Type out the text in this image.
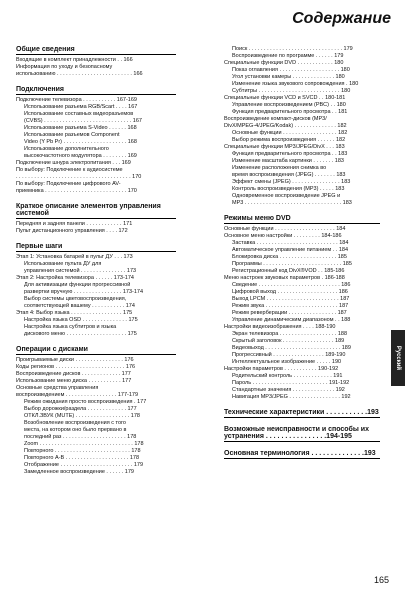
Содержание
Общие сведения
Входящие в комплект принадлежности . . 166
Информация по уходу и безопасному
использованию . . . . . . . . . . . . . . . . . . . . . . . . . 166
Подключения
Подключение телевизора . . . . . . . . . . . 167-169
Использование разъема RGB/Scart . . . . 167
Использование составных видеоразъемов
(CVBS) . . . . . . . . . . . . . . . . . . . . . . . . . . . . . 167
Использование разъема S-Video . . . . . . 168
Использование разъемов Component
Video (Y Pb Pr) . . . . . . . . . . . . . . . . . . . . . 168
Использование дополнительного
высокочастотного модулятора . . . . . . . . 169
Подключение шнура электропитания . . . 169
По выбору: Подключение к аудиосистеме
. . . . . . . . . . . . . . . . . . . . . . . . . . . . . . . . . . . . . . 170
По выбору: Подключение цифрового AV-
приемника . . . . . . . . . . . . . . . . . . . . . . . . . . . 170
Краткое описание элементов управления системой
Передняя и задняя панели . . . . . . . . . . . . 171
Пульт дистанционного управления . . . . 172
Первые шаги
Этап 1: Установка батарей в пульт ДУ . . . 173
Использование пульта ДУ для
управления системой . . . . . . . . . . . . . . . 173
Этап 2: Настройка телевизора . . . . . . 173-174
Для активизации функции прогрессивной
развертки вручную . . . . . . . . . . . . . . . . 173-174
Выбор системы цветовоспроизведения,
соответствующей вашему . . . . . . . . . . . 174
Этап 4: Выбор языка . . . . . . . . . . . . . . . . . 175
Настройка языка OSD . . . . . . . . . . . . . . . 175
Настройка языка субтитров и языка
дискового меню . . . . . . . . . . . . . . . . . . . . 175
Операции с дисками
Проигрываемые диски . . . . . . . . . . . . . . . . 176
Коды регионов . . . . . . . . . . . . . . . . . . . . . . . 176
Воспроизведение дисков . . . . . . . . . . . . . 177
Использование меню диска . . . . . . . . . . . 177
Основные средства управления
воспроизведением . . . . . . . . . . . . . . . . . 177-179
Режим ожидания просто воспроизведения . 177
Выбор дорожки/раздела . . . . . . . . . . . . . 177
ОТКЛ.ЗВУК (MUTE) . . . . . . . . . . . . . . . . . . 178
Возобновление воспроизведения с того
места, на котором оно было прервано в
последний раз . . . . . . . . . . . . . . . . . . . . . 178
Zoom . . . . . . . . . . . . . . . . . . . . . . . . . . . . . . . 178
Повторного . . . . . . . . . . . . . . . . . . . . . . . . . 178
Повторного A-B . . . . . . . . . . . . . . . . . . . . . 178
Отображение . . . . . . . . . . . . . . . . . . . . . . . . 179
Замедленное воспроизведение . . . . . . 179
Поиск . . . . . . . . . . . . . . . . . . . . . . . . . . . . . . . 179
Воспроизведение по программе . . . . . . 179
Специальные функции DVD . . . . . . . . . . . . 180
Показ оглавления . . . . . . . . . . . . . . . . . . . . 180
Угол установки камеры . . . . . . . . . . . . . . 180
Изменение языка звукового сопровождения . 180
Субтитры . . . . . . . . . . . . . . . . . . . . . . . . . . . 180
Специальные функции VCD и SVCD . . 180-181
Управление воспроизведением (PBC) . . 180
Функция предварительного просмотра . . 181
Воспроизведение компакт-дисков (MP3/
DivX/MPEG-4/JPEG/Kodak) . . . . . . . . . . . . . . 182
Основные функции . . . . . . . . . . . . . . . . . . 182
Выбор режима воспроизведения . . . . . . 182
Специальные функции MP3/JPEG/DivX . . . 183
Функция предварительного просмотра . . 183
Изменение масштаба картинки . . . . . . . 183
Изменение расположения снимка во
время воспроизведения (JPEG) . . . . . . . 183
Эффект смены (JPEG) . . . . . . . . . . . . . . . . 183
Контроль воспроизведения (MP3) . . . . . 183
Одновременное воспроизведение JPEG и
MP3 . . . . . . . . . . . . . . . . . . . . . . . . . . . . . . . . 183
Режимы меню DVD
Основные функции . . . . . . . . . . . . . . . . . . . . 184
Основное меню настройки . . . . . . . . . 184-186
Заставка . . . . . . . . . . . . . . . . . . . . . . . . . . . 184
Автоматическое управление питанием . . 184
Блокировка диска . . . . . . . . . . . . . . . . . . . 185
Программы . . . . . . . . . . . . . . . . . . . . . . . . . . 185
Регистрационный код DivX®VOD . . 185-186
Меню настроек звуковых параметров . 186-188
Сведение . . . . . . . . . . . . . . . . . . . . . . . . . . . 186
Цифровой выход . . . . . . . . . . . . . . . . . . . . 186
Выход LPCM . . . . . . . . . . . . . . . . . . . . . . . . 187
Режим звука . . . . . . . . . . . . . . . . . . . . . . . . 187
Режим реверберации . . . . . . . . . . . . . . . . 187
Управление динамическим диапазоном . . 188
Настройки видеоизображения . . . . 188-190
Экран телевизора . . . . . . . . . . . . . . . . . . . 188
Скрытый заголовок . . . . . . . . . . . . . . . . . 189
Видеовыход . . . . . . . . . . . . . . . . . . . . . . . . . 189
Прогрессивный . . . . . . . . . . . . . . . . . 189-190
Интеллектуальное изображение . . . . . 190
Настройки параметров . . . . . . . . . . . 190-192
Родительский контроль . . . . . . . . . . . . . 191
Пароль . . . . . . . . . . . . . . . . . . . . . . . . . 191-192
Стандартные значения . . . . . . . . . . . . . . 192
Навигация MP3/JPEG . . . . . . . . . . . . . . . . . 192
Технические характеристики . . . . . . . . . . .193
Возможные неисправности и способы их устранения . . . . . . . . . . . . . . . .194-195
Основная терминология . . . . . . . . . . . . . .193
Русский
165
